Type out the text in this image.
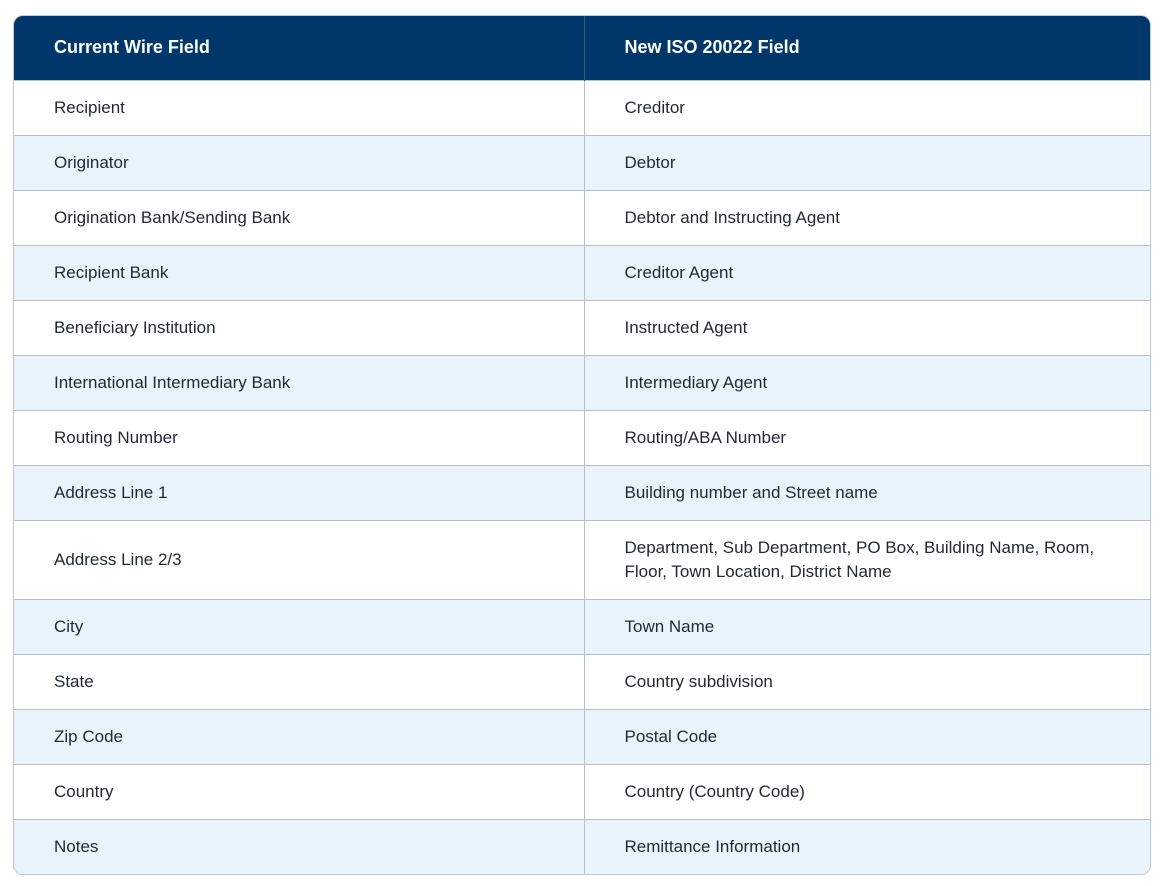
Current Wire Field	New ISO 20022 Field
Recipient	Creditor
Originator	Debtor
Origination Bank/Sending Bank	Debtor and Instructing Agent
Recipient Bank	Creditor Agent
Beneficiary Institution	Instructed Agent
International Intermediary Bank	Intermediary Agent
Routing Number	Routing/ABA Number
Address Line 1	Building number and Street name
Address Line 2/3	Department, Sub Department, PO Box, Building Name, Room, Floor, Town Location, District Name
City	Town Name
State	Country subdivision
Zip Code	Postal Code
Country	Country (Country Code)
Notes	Remittance Information
